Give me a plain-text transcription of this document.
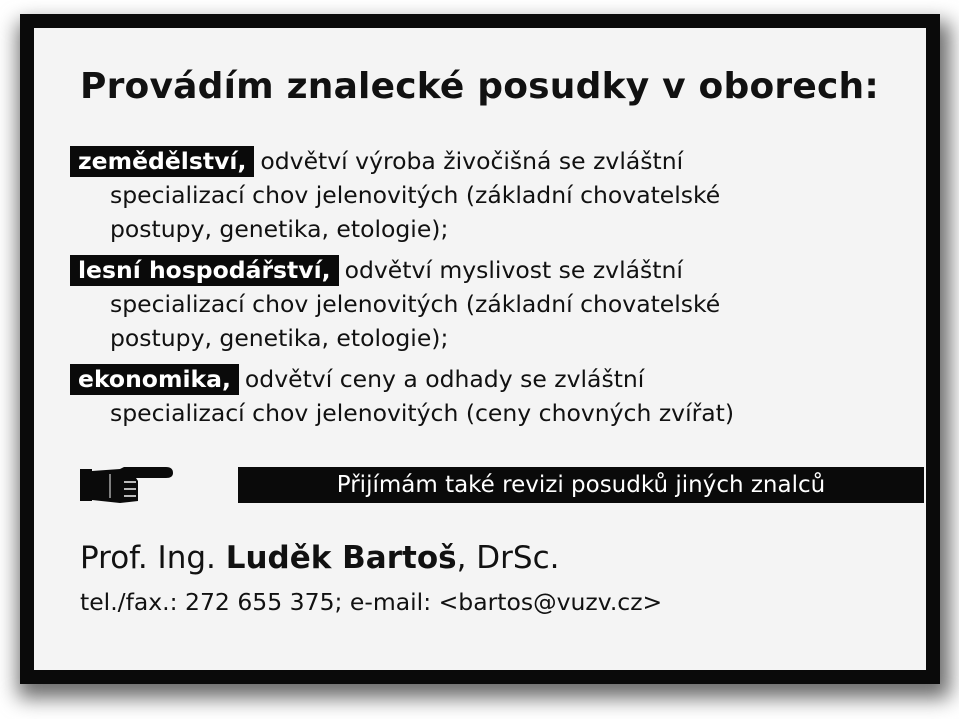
Provádím znalecké posudky v oborech:
zemědělství, odvětví výroba živočišná se zvláštní
specializací chov jelenovitých (základní chovatelské
postupy, genetika, etologie);
lesní hospodářství, odvětví myslivost se zvláštní
specializací chov jelenovitých (základní chovatelské
postupy, genetika, etologie);
ekonomika, odvětví ceny a odhady se zvláštní
specializací chov jelenovitých (ceny chovných zvířat)
Přijímám také revizi posudků jiných znalců
Prof. Ing. Luděk Bartoš, DrSc.
tel./fax.: 272 655 375; e-mail: <bartos@vuzv.cz>
